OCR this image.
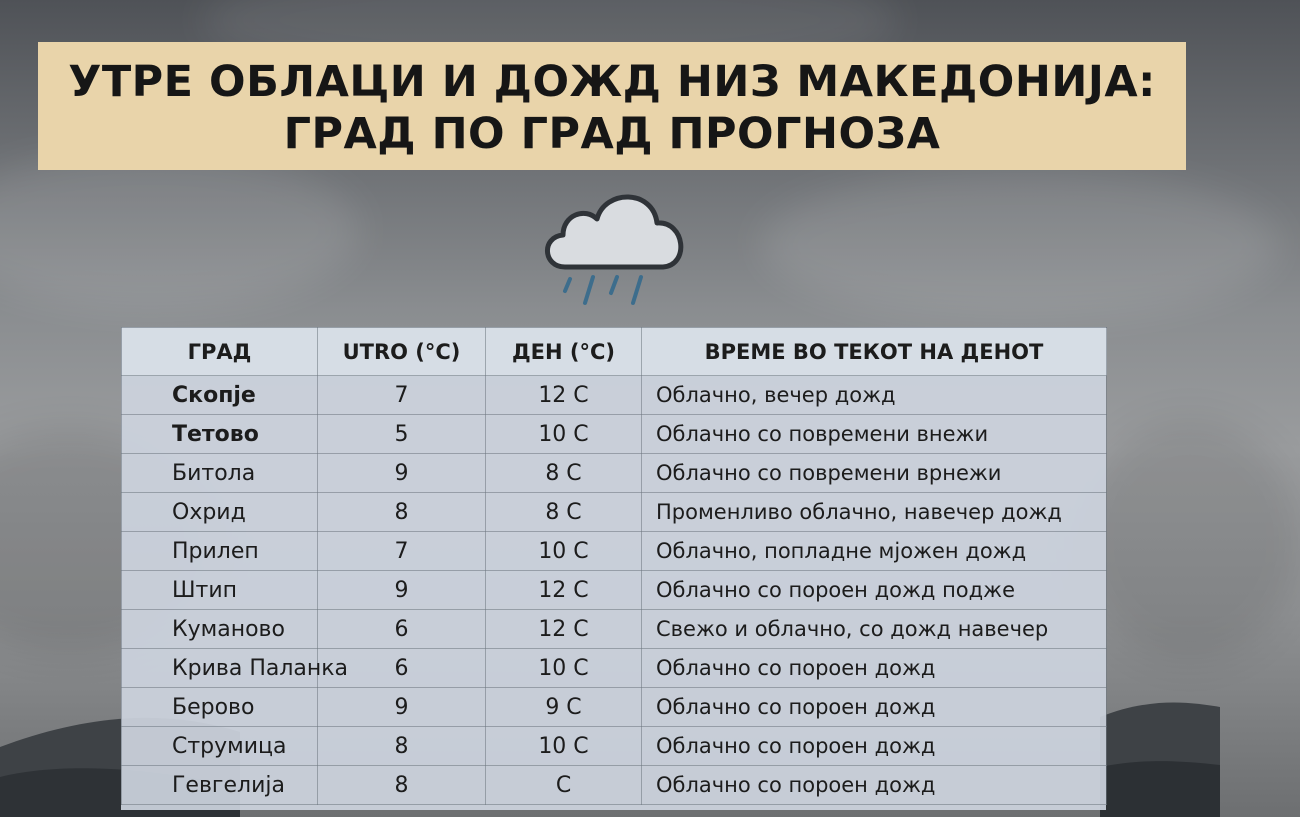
УТРЕ ОБЛАЦИ И ДОЖД НИЗ МАКЕДОНИЈА:
ГРАД ПО ГРАД ПРОГНОЗА
ГРАД	UTRO (°C)	ДЕН (°C)	ВРЕМЕ ВО ТЕКОТ НА ДЕНОТ
Скопје	7	12 C	Облачно, вечер дожд
Тетово	5	10 C	Облачно со повремени внежи
Битола	9	8 C	Облачно со повремени врнежи
Охрид	8	8 C	Променливо облачно, навечер дожд
Прилеп	7	10 C	Облачно, попладне мјожен дожд
Штип	9	12 C	Облачно со пороен дожд подже
Куманово	6	12 C	Свежо и облачно, со дожд навечер
Крива Паланка	6	10 C	Облачно со пороен дожд
Берово	9	9 C	Облачно со пороен дожд
Струмица	8	10 C	Облачно со пороен дожд
Гевгелија	8	C	Облачно со пороен дожд
